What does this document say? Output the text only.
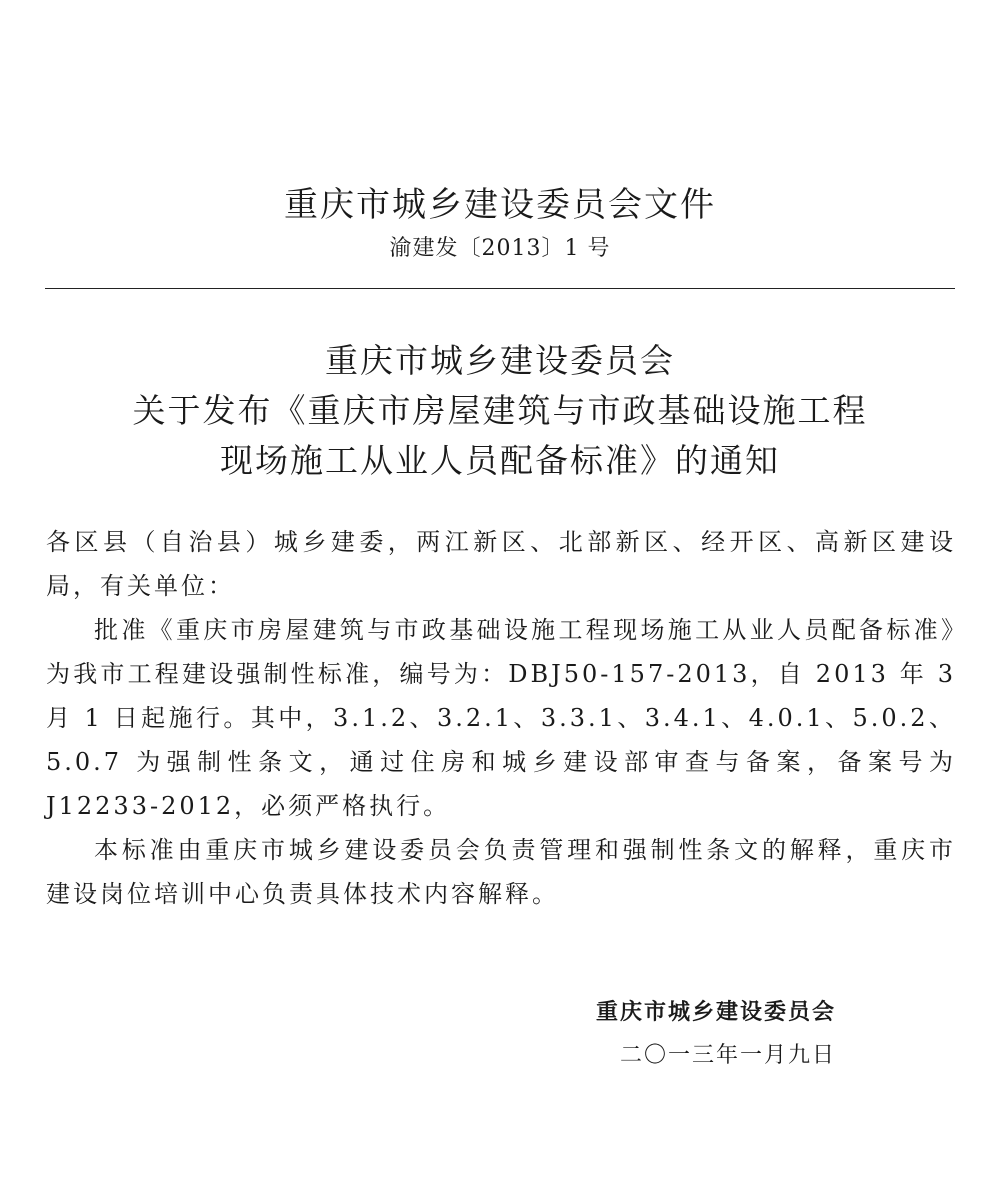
重庆市城乡建设委员会文件
渝建发〔2013〕1 号
重庆市城乡建设委员会
关于发布《重庆市房屋建筑与市政基础设施工程
现场施工从业人员配备标准》的通知

各区县（自治县）城乡建委，两江新区、北部新区、经开区、高新区建设局，有关单位：

批准《重庆市房屋建筑与市政基础设施工程现场施工从业人员配备标准》为我市工程建设强制性标准，编号为：DBJ50-157-2013，自 2013 年 3 月 1 日起施行。其中，3.1.2、3.2.1、3.3.1、3.4.1、4.0.1、5.0.2、5.0.7 为强制性条文，通过住房和城乡建设部审查与备案，备案号为 J12233-2012，必须严格执行。

本标准由重庆市城乡建设委员会负责管理和强制性条文的解释，重庆市建设岗位培训中心负责具体技术内容解释。

重庆市城乡建设委员会
二〇一三年一月九日
